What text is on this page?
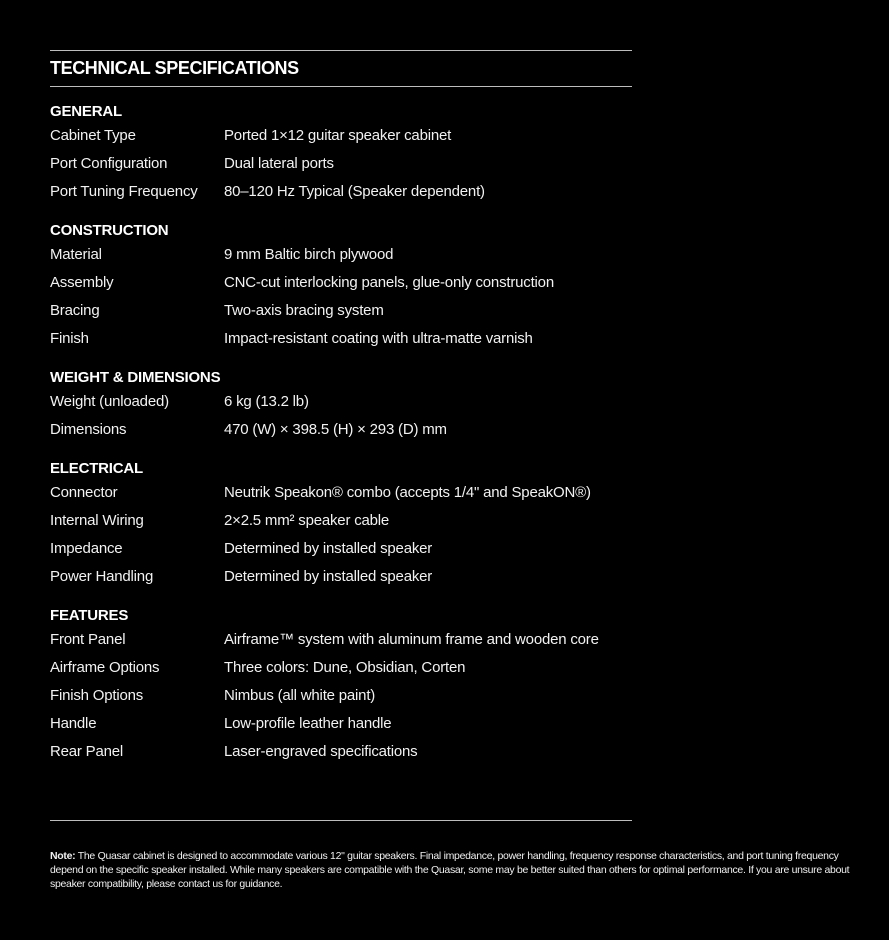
TECHNICAL SPECIFICATIONS
GENERAL
Cabinet Type	Ported 1×12 guitar speaker cabinet
Port Configuration	Dual lateral ports
Port Tuning Frequency	80–120 Hz Typical (Speaker dependent)
CONSTRUCTION
Material	9 mm Baltic birch plywood
Assembly	CNC-cut interlocking panels, glue-only construction
Bracing	Two-axis bracing system
Finish	Impact-resistant coating with ultra-matte varnish
WEIGHT & DIMENSIONS
Weight (unloaded)	6 kg (13.2 lb)
Dimensions	470 (W) × 398.5 (H) × 293 (D) mm
ELECTRICAL
Connector	Neutrik Speakon® combo (accepts 1/4" and SpeakON®)
Internal Wiring	2×2.5 mm² speaker cable
Impedance	Determined by installed speaker
Power Handling	Determined by installed speaker
FEATURES
Front Panel	Airframe™ system with aluminum frame and wooden core
Airframe Options	Three colors: Dune, Obsidian, Corten
Finish Options	Nimbus (all white paint)
Handle	Low-profile leather handle
Rear Panel	Laser-engraved specifications
Note: The Quasar cabinet is designed to accommodate various 12" guitar speakers. Final impedance, power handling, frequency response characteristics, and port tuning frequency depend on the specific speaker installed. While many speakers are compatible with the Quasar, some may be better suited than others for optimal performance. If you are unsure about speaker compatibility, please contact us for guidance.
